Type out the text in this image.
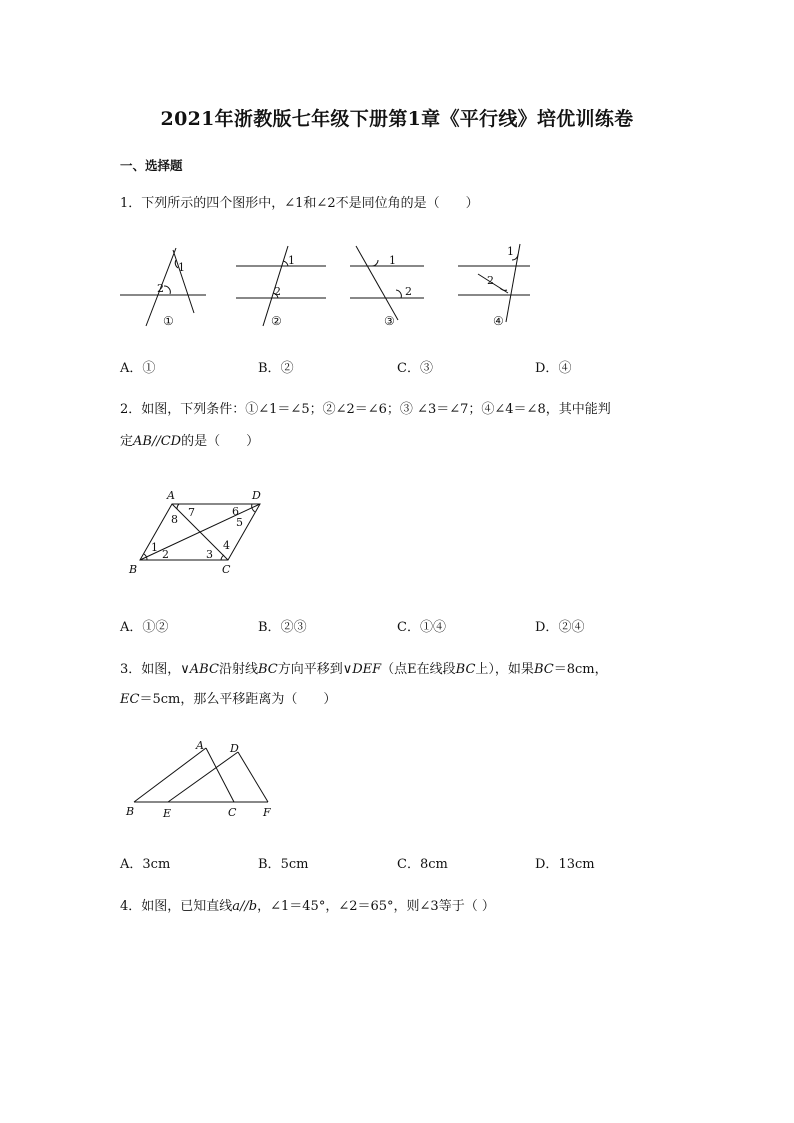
2021年浙教版七年级下册第1章《平行线》培优训练卷
一、选择题
1．下列所示的四个图形中，∠1和∠2不是同位角的是（　　）
1
2
1
2
1
2
1
2
①	②	③	④
A．①	B．②	C．③	D．④
2．如图，下列条件：①∠1＝∠5；②∠2＝∠6；③ ∠3＝∠7；④∠4＝∠8，其中能判
定AB//CD的是（　　）
A	D
B	C
1
2	3
4
5
6
7
8
A．①②	B．②③	C．①④	D．②④
3．如图，∨ABC沿射线BC方向平移到∨DEF（点E在线段BC上），如果BC＝8cm，
EC＝5cm，那么平移距离为（　　）
A D
B	E	C F
A．3cm	B．5cm	C．8cm	D．13cm
4．如图，已知直线a//b，∠1＝45°，∠2＝65°，则∠3等于（ ）
